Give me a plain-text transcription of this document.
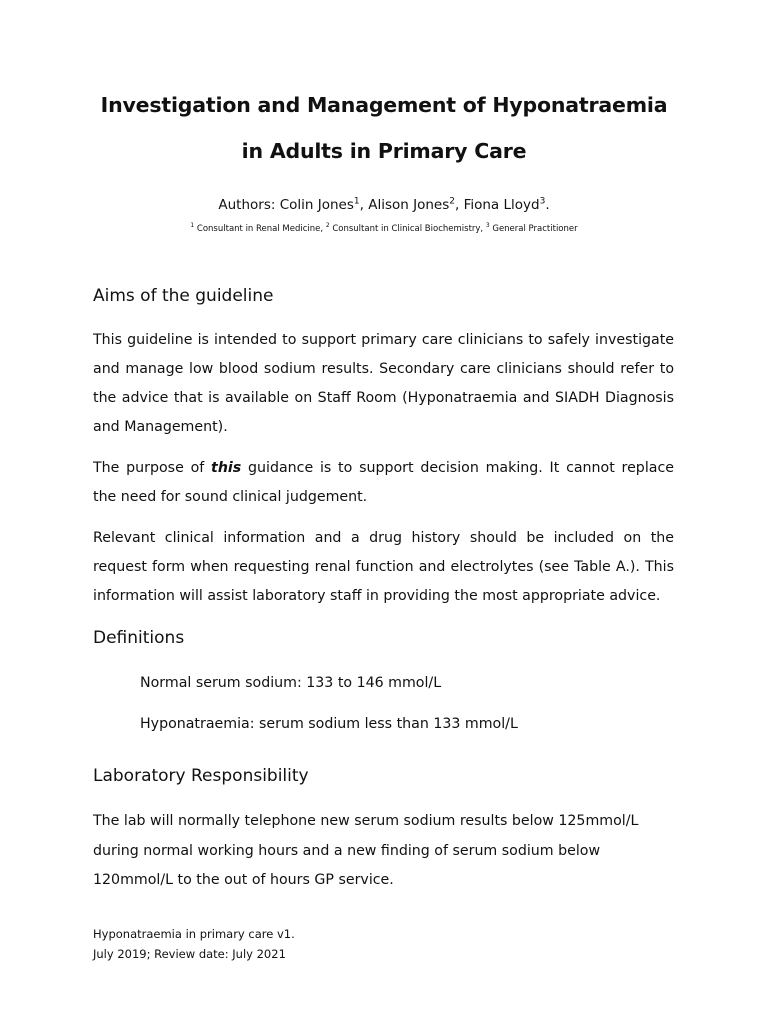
Investigation and Management of Hyponatraemia
in Adults in Primary Care

Authors: Colin Jones$^1$, Alison Jones$^2$, Fiona Lloyd$^3$.

$^1$ Consultant in Renal Medicine, $^2$ Consultant in Clinical Biochemistry, $^3$ General Practitioner

Aims of the guideline

This guideline is intended to support primary care clinicians to safely investigate and manage low blood sodium results. Secondary care clinicians should refer to the advice that is available on Staff Room (Hyponatraemia and SIADH Diagnosis and Management).

The purpose of this guidance is to support decision making. It cannot replace the need for sound clinical judgement.

Relevant clinical information and a drug history should be included on the request form when requesting renal function and electrolytes (see Table A.). This information will assist laboratory staff in providing the most appropriate advice.

Definitions

Normal serum sodium: 133 to 146 mmol/L

Hyponatraemia: serum sodium less than 133 mmol/L

Laboratory Responsibility

The lab will normally telephone new serum sodium results below 125mmol/L
during normal working hours and a new finding of serum sodium below
120mmol/L to the out of hours GP service.

Hyponatraemia in primary care v1.
July 2019; Review date: July 2021
